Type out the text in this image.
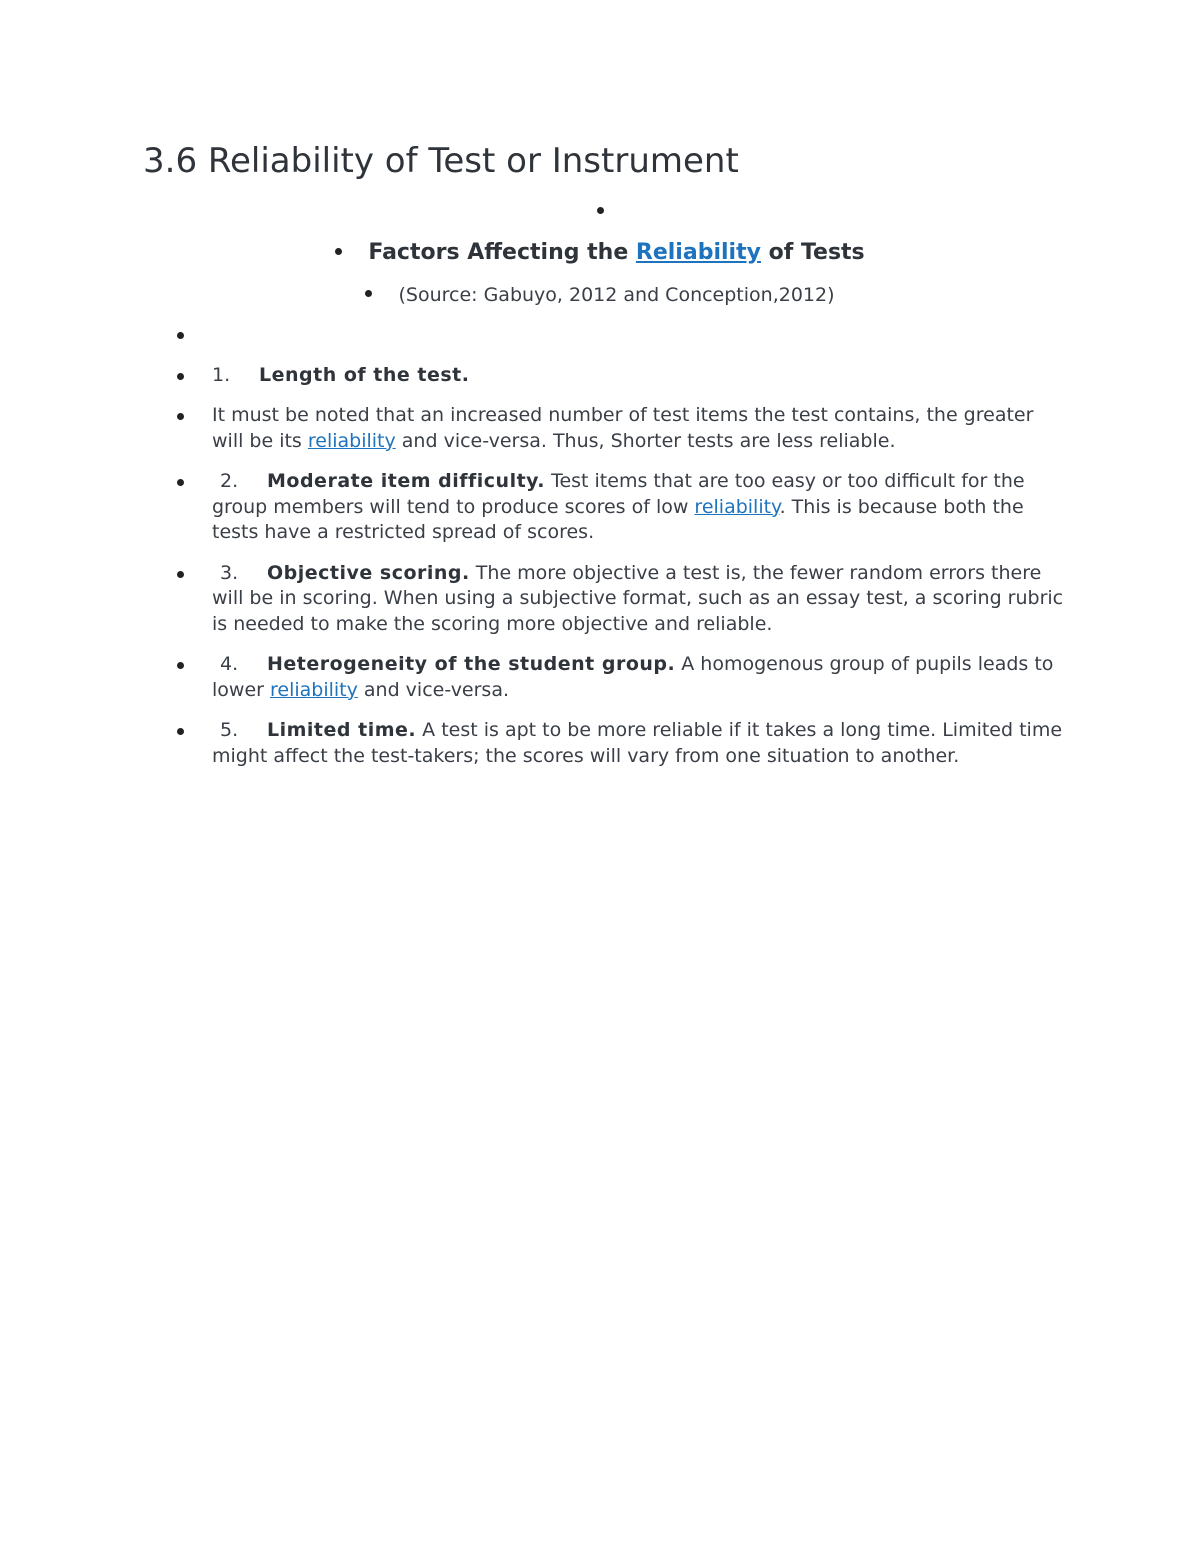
3.6 Reliability of Test or Instrument
Factors Affecting the Reliability of Tests
(Source: Gabuyo, 2012 and Conception,2012)
1. Length of the test.
It must be noted that an increased number of test items the test contains, the greater will be its reliability and vice-versa. Thus, Shorter tests are less reliable.
2. Moderate item difficulty. Test items that are too easy or too difficult for the group members will tend to produce scores of low reliability. This is because both the tests have a restricted spread of scores.
3. Objective scoring. The more objective a test is, the fewer random errors there will be in scoring. When using a subjective format, such as an essay test, a scoring rubric is needed to make the scoring more objective and reliable.
4. Heterogeneity of the student group. A homogenous group of pupils leads to lower reliability and vice-versa.
5. Limited time. A test is apt to be more reliable if it takes a long time. Limited time might affect the test-takers; the scores will vary from one situation to another.
